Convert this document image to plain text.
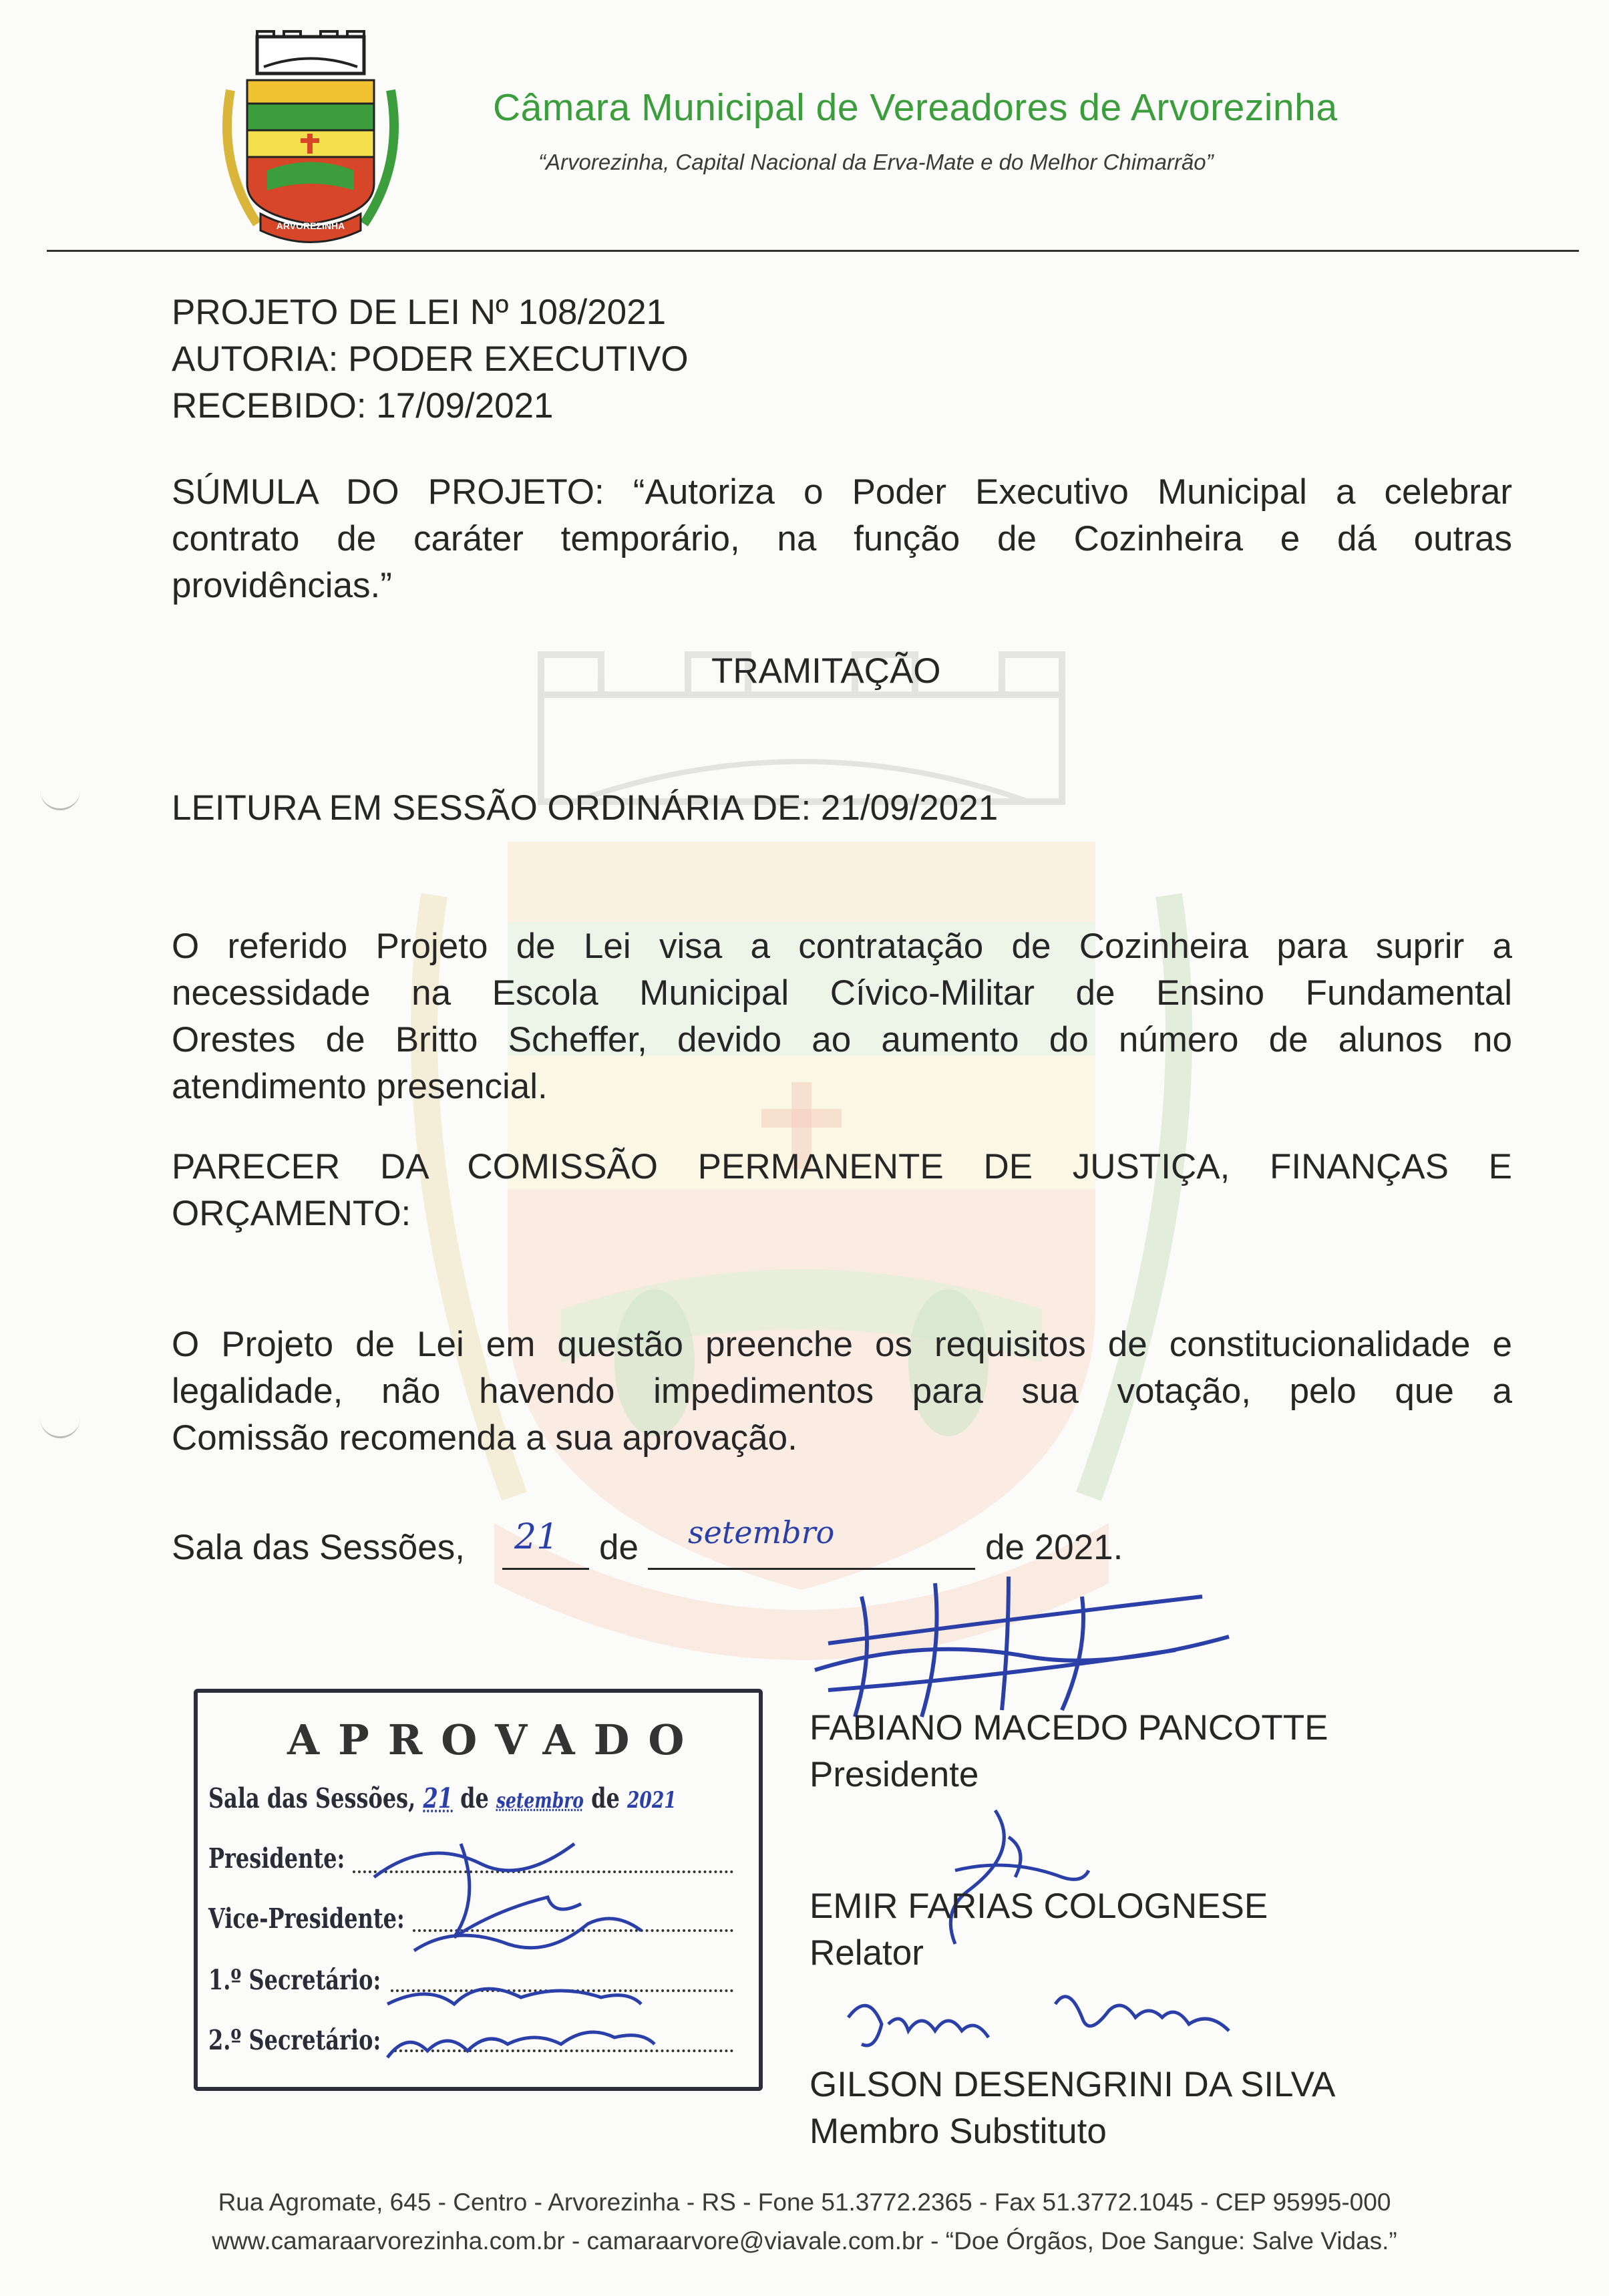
ARVOREZINHA
Câmara Municipal de Vereadores de Arvorezinha
“Arvorezinha, Capital Nacional da Erva-Mate e do Melhor Chimarrão”
PROJETO DE LEI Nº 108/2021
AUTORIA: PODER EXECUTIVO
RECEBIDO: 17/09/2021
SÚMULA DO PROJETO: “Autoriza o Poder Executivo Municipal a celebrar
contrato de caráter temporário, na função de Cozinheira e dá outras
providências.”
TRAMITAÇÃO
LEITURA EM SESSÃO ORDINÁRIA DE: 21/09/2021
O referido Projeto de Lei visa a contratação de Cozinheira para suprir a
necessidade na Escola Municipal Cívico-Militar de Ensino Fundamental
Orestes de Britto Scheffer, devido ao aumento do número de alunos no
atendimento presencial.
PARECER DA COMISSÃO PERMANENTE DE JUSTIÇA, FINANÇAS E
ORÇAMENTO:
O Projeto de Lei em questão preenche os requisitos de constitucionalidade e
legalidade, não havendo impedimentos para sua votação, pelo que a
Comissão recomenda a sua aprovação.
Sala das Sessões, 21 de setembro	de 2021.
APROVADO
Sala das Sessões, 21 de setembro de 2021
Presidente:
Vice-Presidente:
1.º Secretário:
2.º Secretário:
FABIANO MACEDO PANCOTTE
Presidente
EMIR FARIAS COLOGNESE
Relator
GILSON DESENGRINI DA SILVA
Membro Substituto
Rua Agromate, 645 - Centro - Arvorezinha - RS - Fone 51.3772.2365 - Fax 51.3772.1045 - CEP 95995-000
www.camaraarvorezinha.com.br - camaraarvore@viavale.com.br - “Doe Órgãos, Doe Sangue: Salve Vidas.”
